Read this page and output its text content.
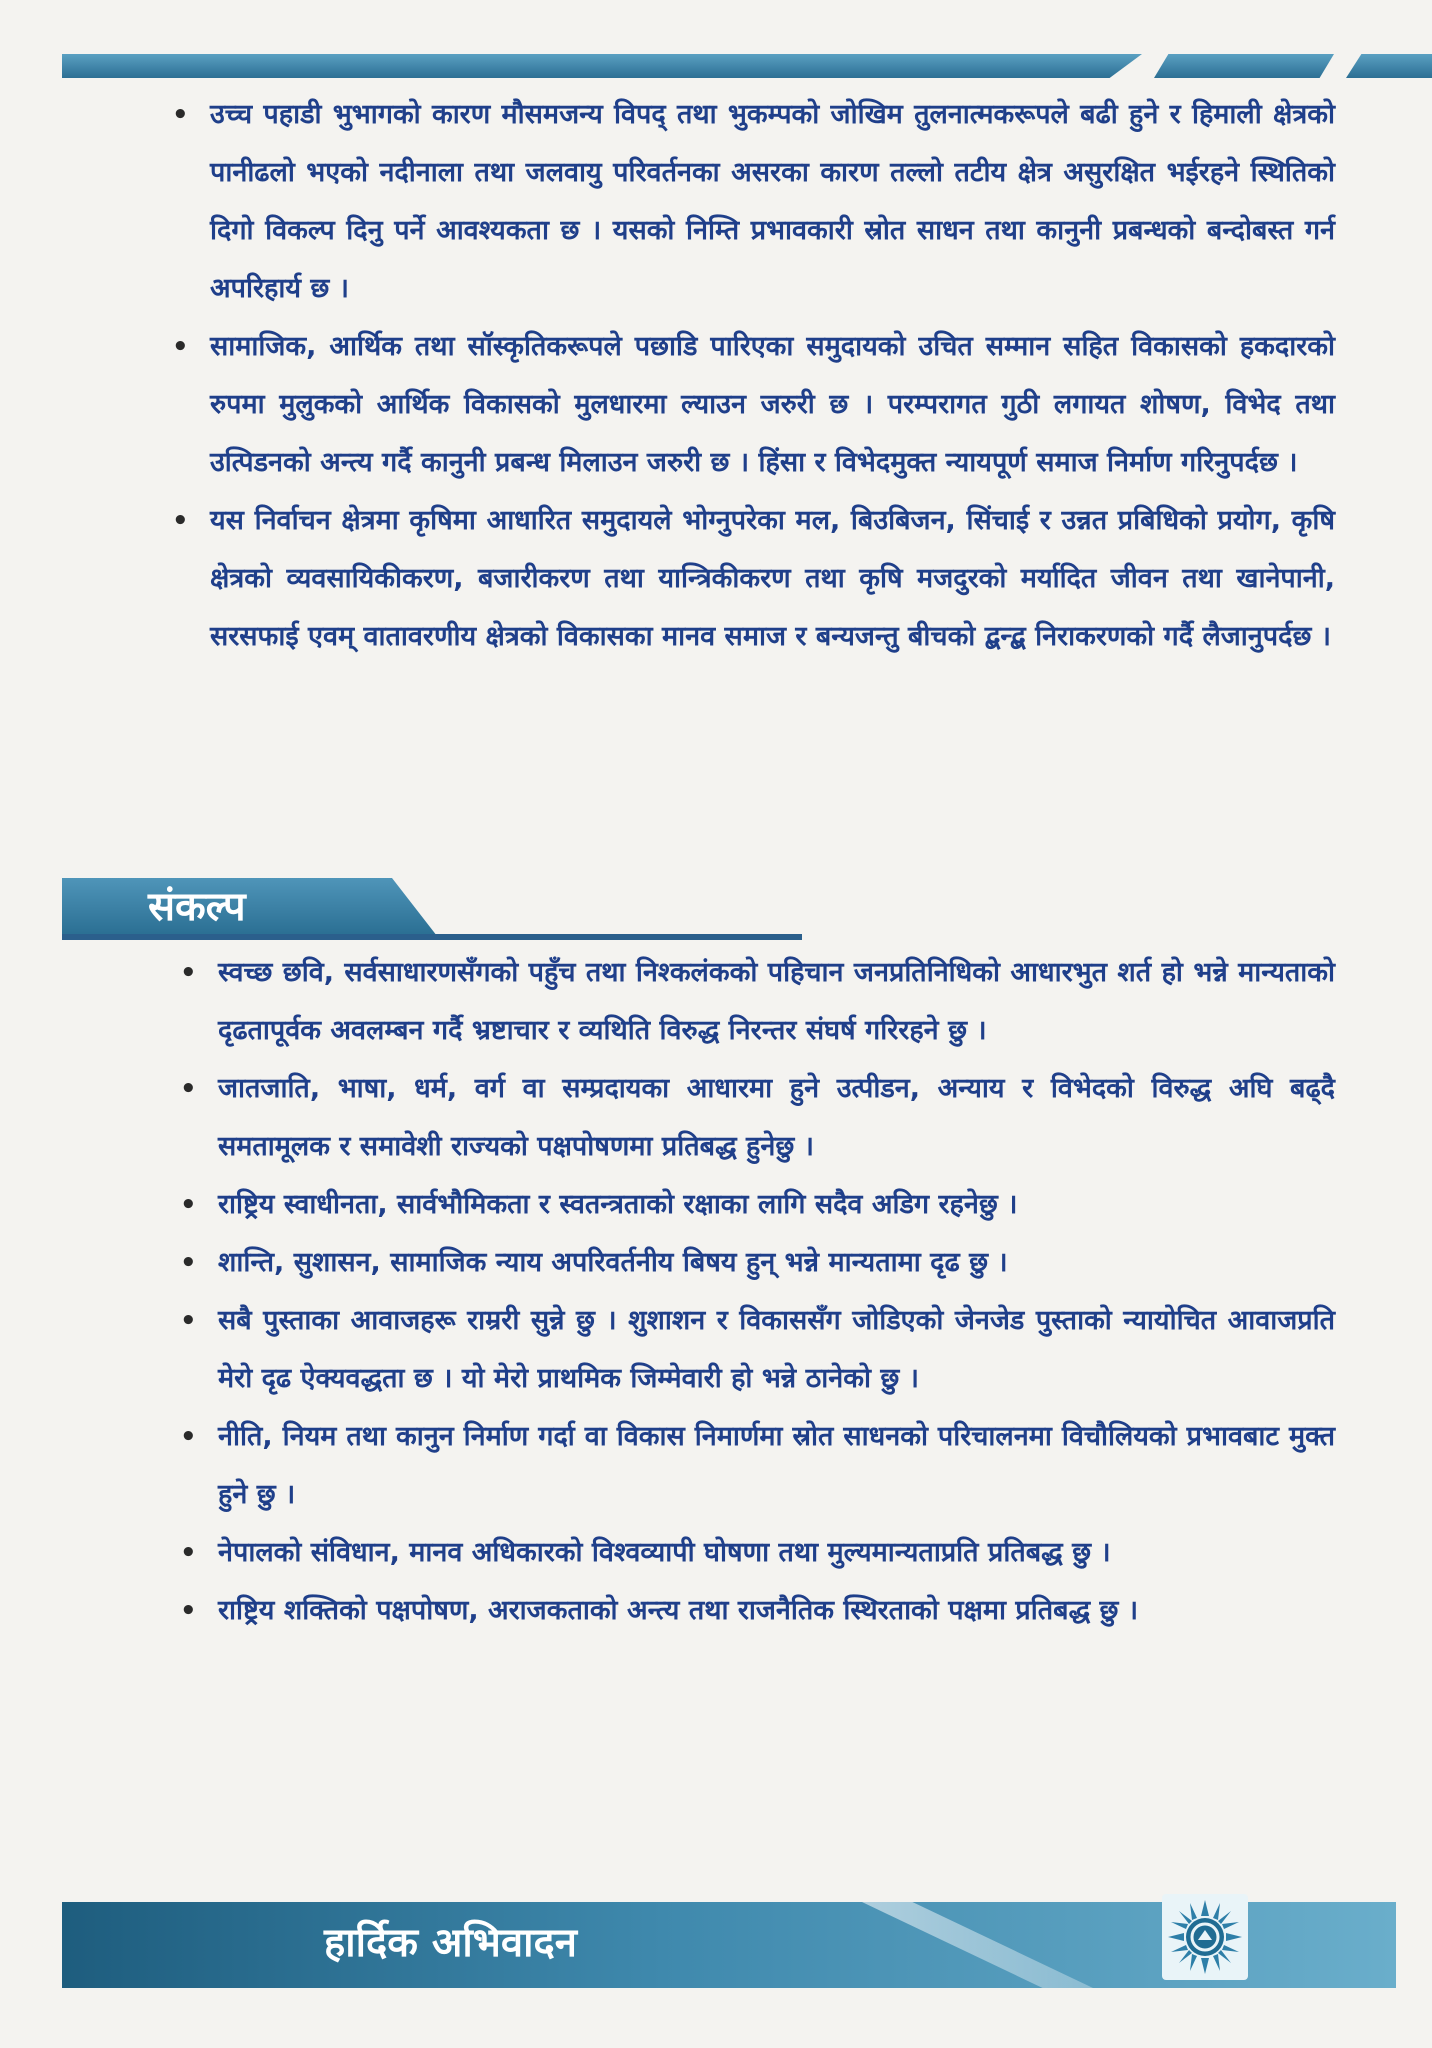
• उच्च पहाडी भुभागको कारण मौसमजन्य विपद् तथा भुकम्पको जोखिम तुलनात्मकरूपले बढी हुने र हिमाली क्षेत्रको पानीढलो भएको नदीनाला तथा जलवायु परिवर्तनका असरका कारण तल्लो तटीय क्षेत्र असुरक्षित भईरहने स्थितिको दिगो विकल्प दिनु पर्ने आवश्यकता छ । यसको निम्ति प्रभावकारी स्रोत साधन तथा कानुनी प्रबन्धको बन्दोबस्त गर्न अपरिहार्य छ ।
• सामाजिक, आर्थिक तथा सॉस्कृतिकरूपले पछाडि पारिएका समुदायको उचित सम्मान सहित विकासको हकदारको रुपमा मुलुकको आर्थिक विकासको मुलधारमा ल्याउन जरुरी छ । परम्परागत गुठी लगायत शोषण, विभेद तथा उत्पिडनको अन्त्य गर्दै कानुनी प्रबन्ध मिलाउन जरुरी छ । हिंसा र विभेदमुक्त न्यायपूर्ण समाज निर्माण गरिनुपर्दछ ।
• यस निर्वाचन क्षेत्रमा कृषिमा आधारित समुदायले भोग्नुपरेका मल, बिउबिजन, सिंचाई र उन्नत प्रबिधिको प्रयोग, कृषि क्षेत्रको व्यवसायिकीकरण, बजारीकरण तथा यान्त्रिकीकरण तथा कृषि मजदुरको मर्यादित जीवन तथा खानेपानी, सरसफाई एवम् वातावरणीय क्षेत्रको विकासका मानव समाज र बन्यजन्तु बीचको द्बन्द्ब निराकरणको गर्दै लैजानुपर्दछ ।
संकल्प
• स्वच्छ छवि, सर्वसाधारणसँगको पहुँच तथा निश्कलंकको पहिचान जनप्रतिनिधिको आधारभुत शर्त हो भन्ने मान्यताको दृढतापूर्वक अवलम्बन गर्दै भ्रष्टाचार र व्यथिति विरुद्ध निरन्तर संघर्ष गरिरहने छु ।
• जातजाति, भाषा, धर्म, वर्ग वा सम्प्रदायका आधारमा हुने उत्पीडन, अन्याय र विभेदको विरुद्ध अघि बढ्दै समतामूलक र समावेशी राज्यको पक्षपोषणमा प्रतिबद्ध हुनेछु ।
• राष्ट्रिय स्वाधीनता, सार्वभौमिकता र स्वतन्त्रताको रक्षाका लागि सदैव अडिग रहनेछु ।
• शान्ति, सुशासन, सामाजिक न्याय अपरिवर्तनीय बिषय हुन् भन्ने मान्यतामा दृढ छु ।
• सबै पुस्ताका आवाजहरू राम्ररी सुन्ने छु । शुशाशन र विकाससँग जोडिएको जेनजेड पुस्ताको न्यायोचित आवाजप्रति मेरो दृढ ऐक्यवद्धता छ । यो मेरो प्राथमिक जिम्मेवारी हो भन्ने ठानेको छु ।
• नीति, नियम तथा कानुन निर्माण गर्दा वा विकास निमार्णमा स्रोत साधनको परिचालनमा विचौलियको प्रभावबाट मुक्त हुने छु ।
• नेपालको संविधान, मानव अधिकारको विश्वव्यापी घोषणा तथा मुल्यमान्यताप्रति प्रतिबद्ध छु ।
• राष्ट्रिय शक्तिको पक्षपोषण, अराजकताको अन्त्य तथा राजनैतिक स्थिरताको पक्षमा प्रतिबद्ध छु ।
हार्दिक अभिवादन
